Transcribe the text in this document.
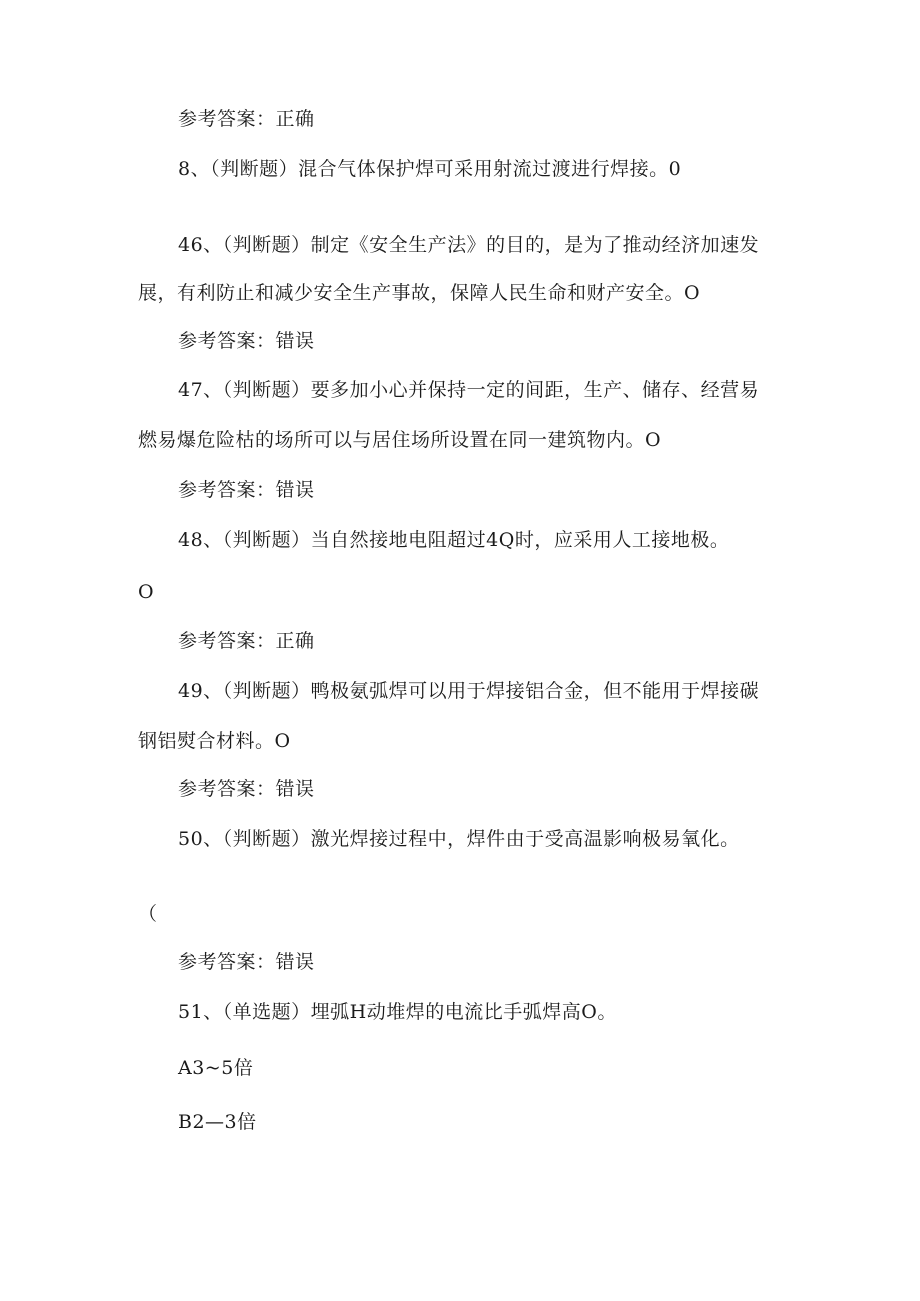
参考答案：正确
8、（判断题）混合气体保护焊可采用射流过渡进行焊接。0
46、（判断题）制定《安全生产法》的目的，是为了推动经济加速发
展，有利防止和减少安全生产事故，保障人民生命和财产安全。O
参考答案：错误
47、（判断题）要多加小心并保持一定的间距，生产、储存、经营易
燃易爆危险枯的场所可以与居住场所设置在同一建筑物内。O
参考答案：错误
48、（判断题）当自然接地电阻超过4Q时，应采用人工接地极。
O
参考答案：正确
49、（判断题）鸭极氨弧焊可以用于焊接铝合金，但不能用于焊接碳
钢铝熨合材料。O
参考答案：错误
50、（判断题）激光焊接过程中，焊件由于受高温影响极易氧化。
（
参考答案：错误
51、（单选题）埋弧H动堆焊的电流比手弧焊高O。
A3~5倍
B2—3倍
